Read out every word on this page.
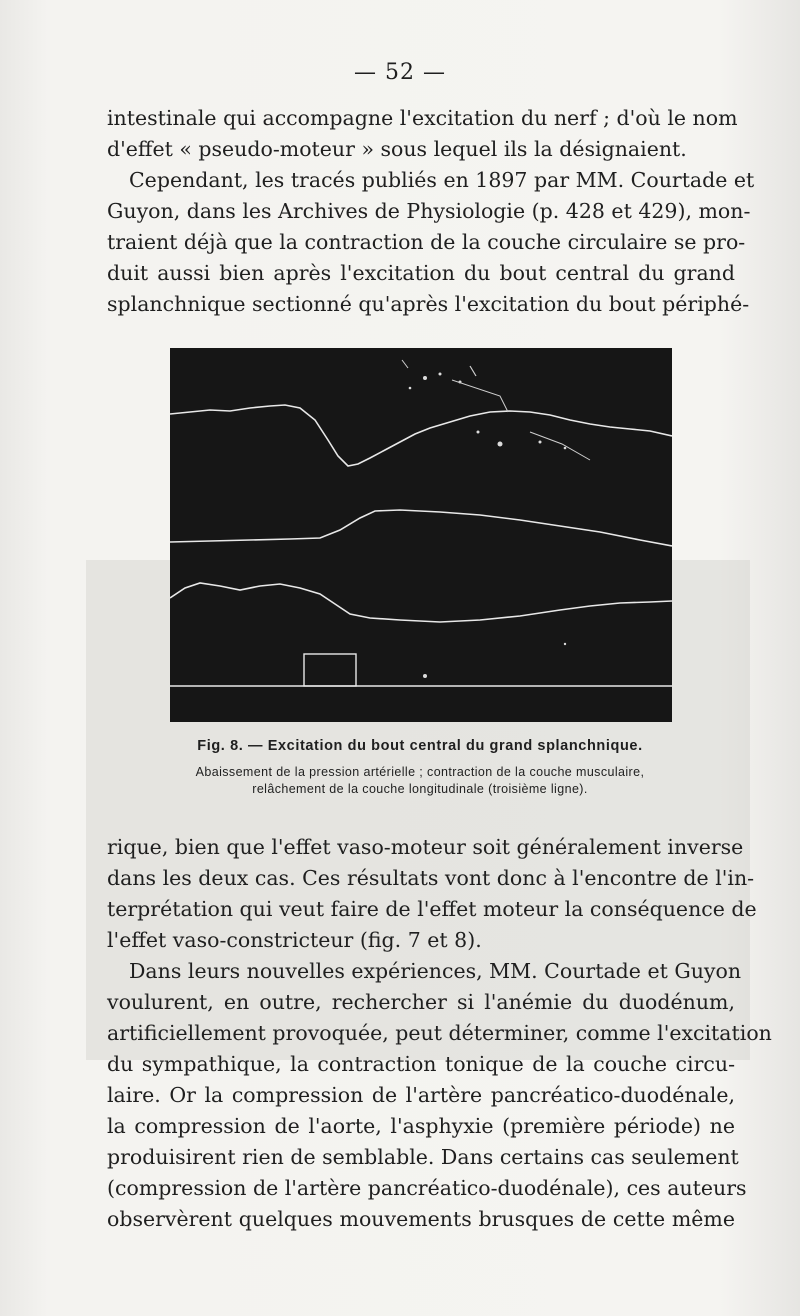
— 52 —
intestinale qui accompagne l'excitation du nerf ; d'où le nom
d'effet « pseudo-moteur » sous lequel ils la désignaient.
Cependant, les tracés publiés en 1897 par MM. Courtade et
Guyon, dans les Archives de Physiologie (p. 428 et 429), mon-
traient déjà que la contraction de la couche circulaire se pro-
duit aussi bien après l'excitation du bout central du grand
splanchnique sectionné qu'après l'excitation du bout périphé-
Fig. 8. — Excitation du bout central du grand splanchnique.
Abaissement de la pression artérielle ; contraction de la couche musculaire,
relâchement de la couche longitudinale (troisième ligne).
rique, bien que l'effet vaso-moteur soit généralement inverse
dans les deux cas. Ces résultats vont donc à l'encontre de l'in-
terprétation qui veut faire de l'effet moteur la conséquence de
l'effet vaso-constricteur (fig. 7 et 8).
Dans leurs nouvelles expériences, MM. Courtade et Guyon
voulurent, en outre, rechercher si l'anémie du duodénum,
artificiellement provoquée, peut déterminer, comme l'excitation
du sympathique, la contraction tonique de la couche circu-
laire. Or la compression de l'artère pancréatico-duodénale,
la compression de l'aorte, l'asphyxie (première période) ne
produisirent rien de semblable. Dans certains cas seulement
(compression de l'artère pancréatico-duodénale), ces auteurs
observèrent quelques mouvements brusques de cette même
